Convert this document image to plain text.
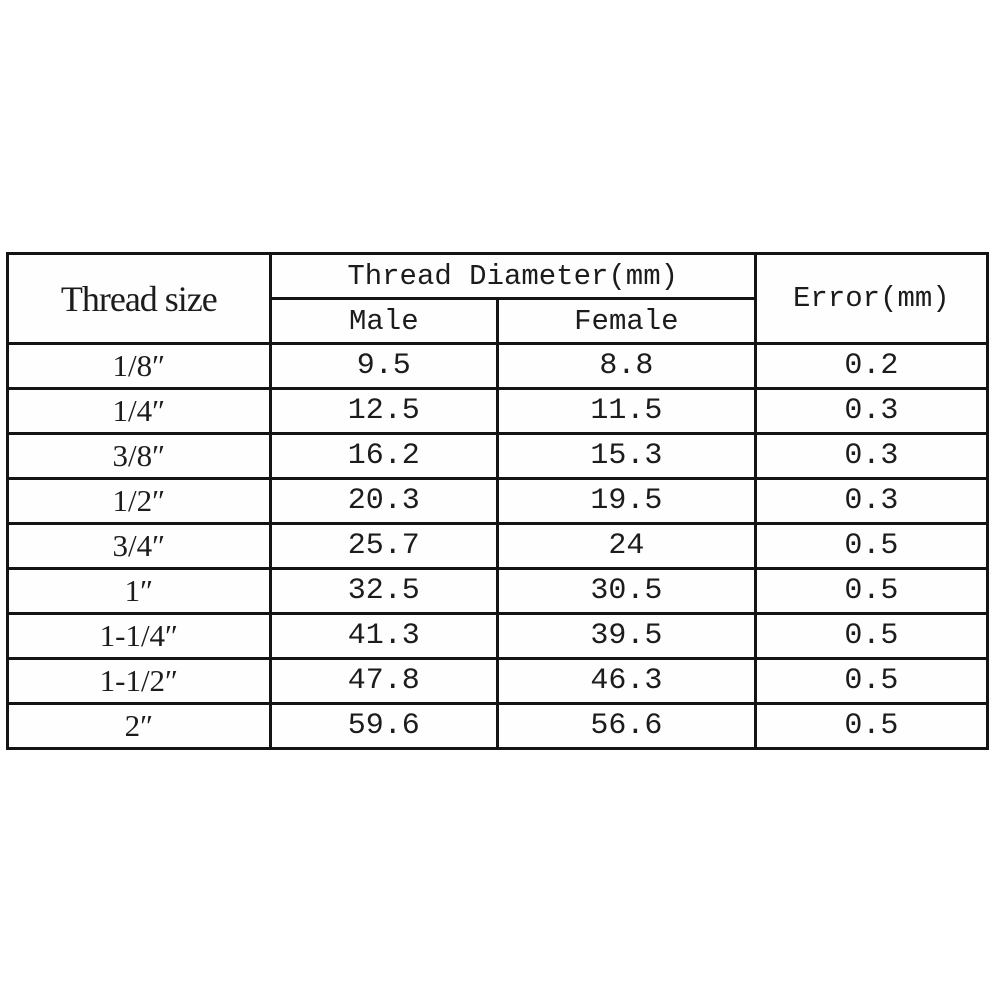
Thread size	Thread Diameter(mm)		Error(mm)
	Male	Female	
1/8″	9.5	8.8	0.2
1/4″	12.5	11.5	0.3
3/8″	16.2	15.3	0.3
1/2″	20.3	19.5	0.3
3/4″	25.7	24	0.5
1″	32.5	30.5	0.5
1-1/4″	41.3	39.5	0.5
1-1/2″	47.8	46.3	0.5
2″	59.6	56.6	0.5
